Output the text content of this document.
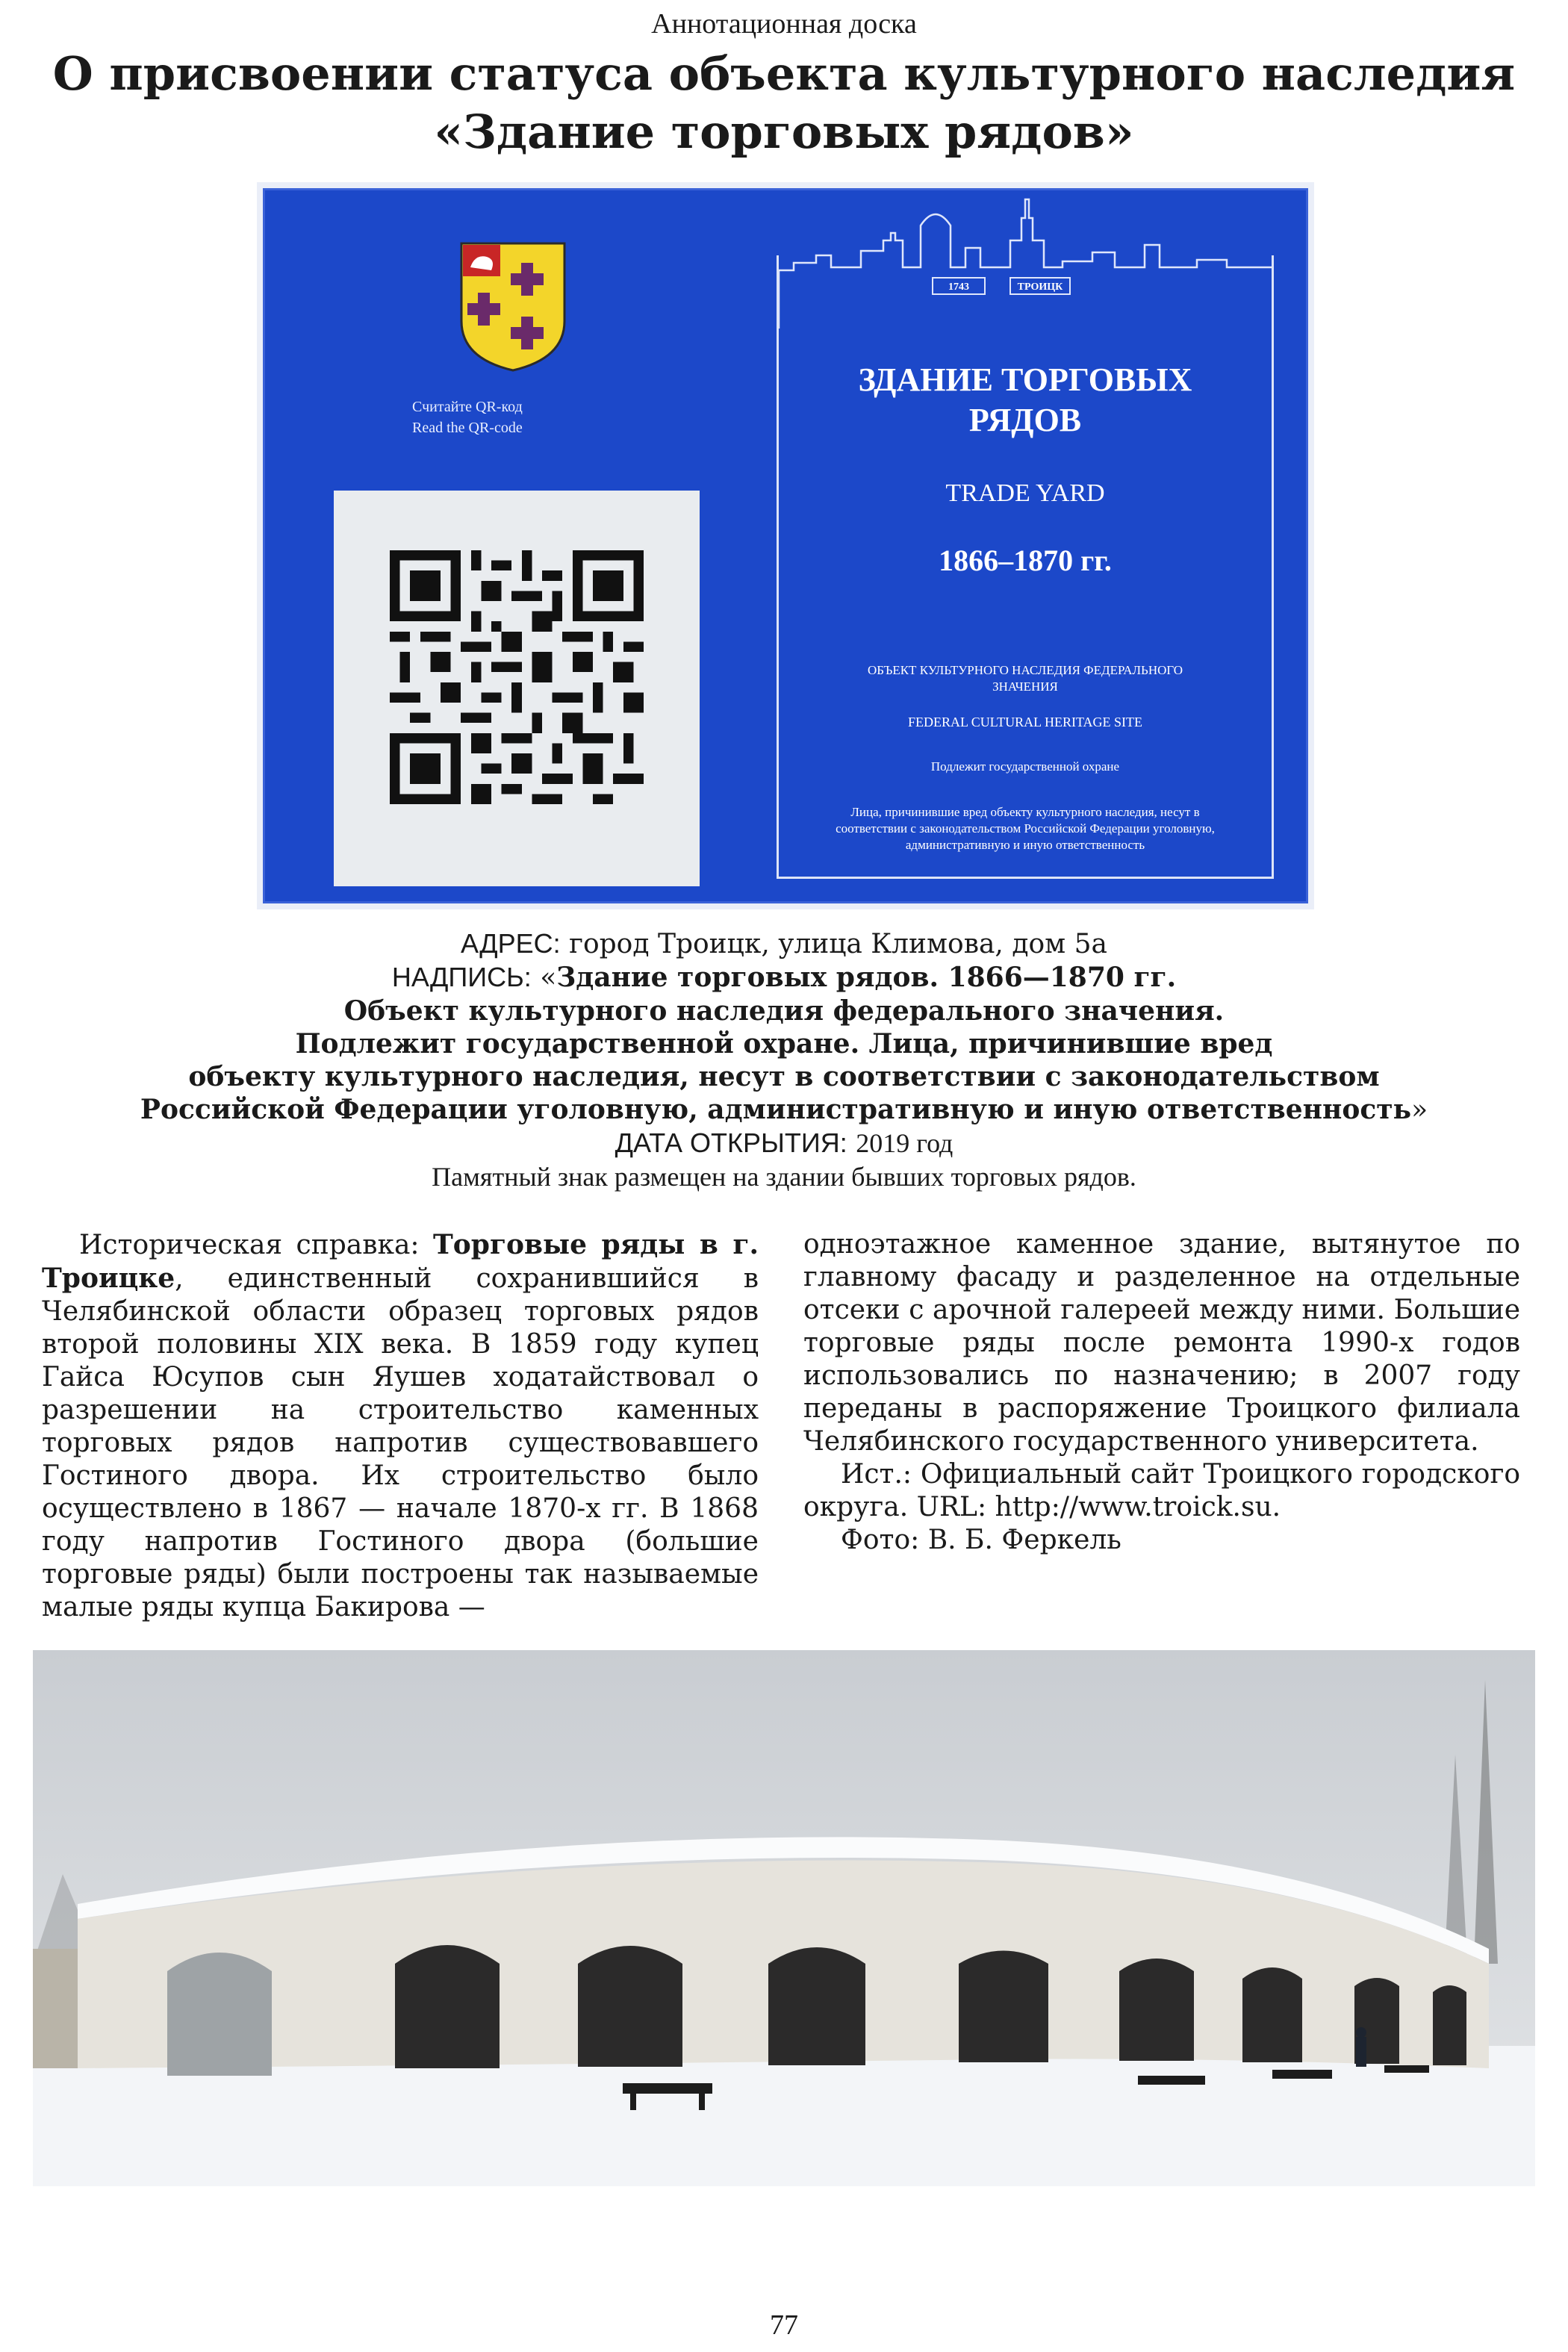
Аннотационная доска
О присвоении статуса объекта культурного наследия
«Здание торговых рядов»
Считайте QR-код
Read the QR-code
1743	ТРОИЦК
ЗДАНИЕ ТОРГОВЫХ
РЯДОВ
TRADE YARD
1866–1870 гг.
ОБЪЕКТ КУЛЬТУРНОГО НАСЛЕДИЯ ФЕДЕРАЛЬНОГО ЗНАЧЕНИЯ
FEDERAL CULTURAL HERITAGE SITE
Подлежит государственной охране
Лица, причинившие вред объекту культурного наследия, несут в соответствии с законодательством Российской Федерации уголовную, административную и иную ответственность
АДРЕС: город Троицк, улица Климова, дом 5а
НАДПИСЬ: «Здание торговых рядов. 1866—1870 гг.
Объект культурного наследия федерального значения.
Подлежит государственной охране. Лица, причинившие вред
объекту культурного наследия, несут в соответствии с законодательством
Российской Федерации уголовную, административную и иную ответственность»
ДАТА ОТКРЫТИЯ: 2019 год
Памятный знак размещен на здании бывших торговых рядов.

Историческая справка: Торговые ряды в г. Троицке, единственный сохранившийся в Челябинской области образец торговых рядов второй половины XIX века. В 1859 году купец Гайса Юсупов сын Яушев ходатайствовал о разрешении на строительство каменных торговых рядов напротив существовавшего Гостиного двора. Их строительство было осуществлено в 1867 — начале 1870-х гг. В 1868 году напротив Гостиного двора (большие торговые ряды) были построены так называемые малые ряды купца Бакирова —

одноэтажное каменное здание, вытянутое по главному фасаду и разделенное на отдельные отсеки с арочной галереей между ними. Большие торговые ряды после ремонта 1990-х годов использовались по назначению; в 2007 году переданы в распоряжение Троицкого филиала Челябинского государственного университета.

Ист.: Официальный сайт Троицкого городского округа. URL: http://www.troick.su.

Фото: В. Б. Феркель

77
